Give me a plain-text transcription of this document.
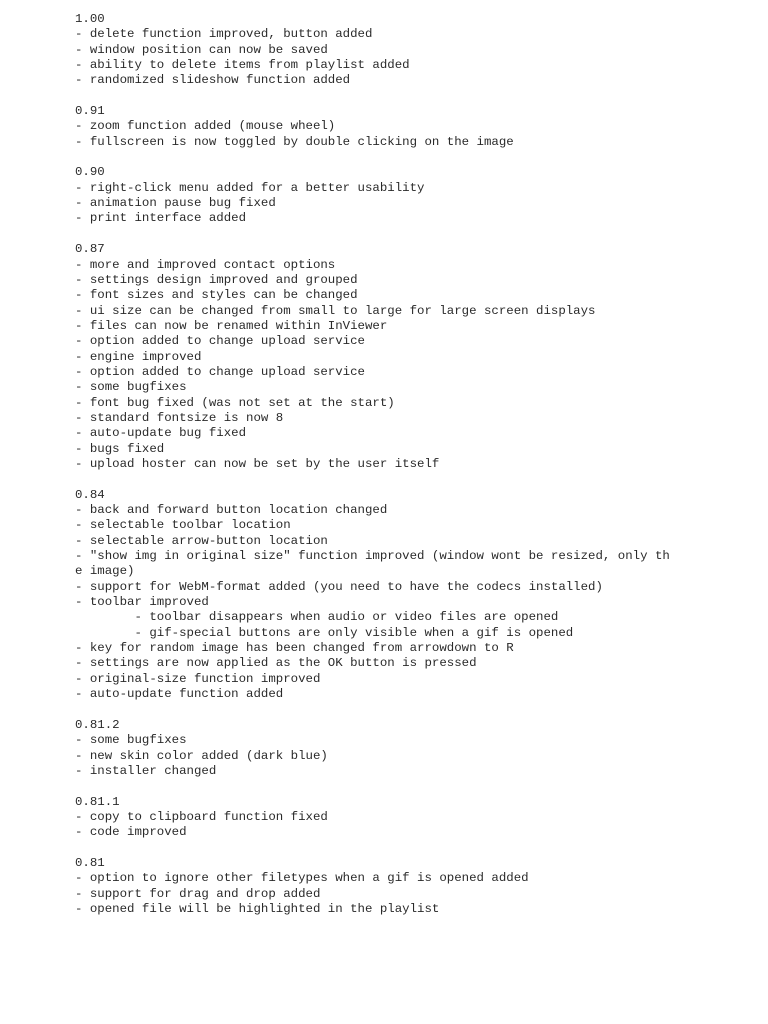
1.00
- delete function improved, button added
- window position can now be saved
- ability to delete items from playlist added
- randomized slideshow function added
0.91
- zoom function added (mouse wheel)
- fullscreen is now toggled by double clicking on the image
0.90
- right-click menu added for a better usability
- animation pause bug fixed
- print interface added
0.87
- more and improved contact options
- settings design improved and grouped
- font sizes and styles can be changed
- ui size can be changed from small to large for large screen displays
- files can now be renamed within InViewer
- option added to change upload service
- engine improved
- option added to change upload service
- some bugfixes
- font bug fixed (was not set at the start)
- standard fontsize is now 8
- auto-update bug fixed
- bugs fixed
- upload hoster can now be set by the user itself
0.84
- back and forward button location changed
- selectable toolbar location
- selectable arrow-button location
- "show img in original size" function improved (window wont be resized, only th
e image)
- support for WebM-format added (you need to have the codecs installed)
- toolbar improved
- toolbar disappears when audio or video files are opened
- gif-special buttons are only visible when a gif is opened
- key for random image has been changed from arrowdown to R
- settings are now applied as the OK button is pressed
- original-size function improved
- auto-update function added
0.81.2
- some bugfixes
- new skin color added (dark blue)
- installer changed
0.81.1
- copy to clipboard function fixed
- code improved
0.81
- option to ignore other filetypes when a gif is opened added
- support for drag and drop added
- opened file will be highlighted in the playlist
